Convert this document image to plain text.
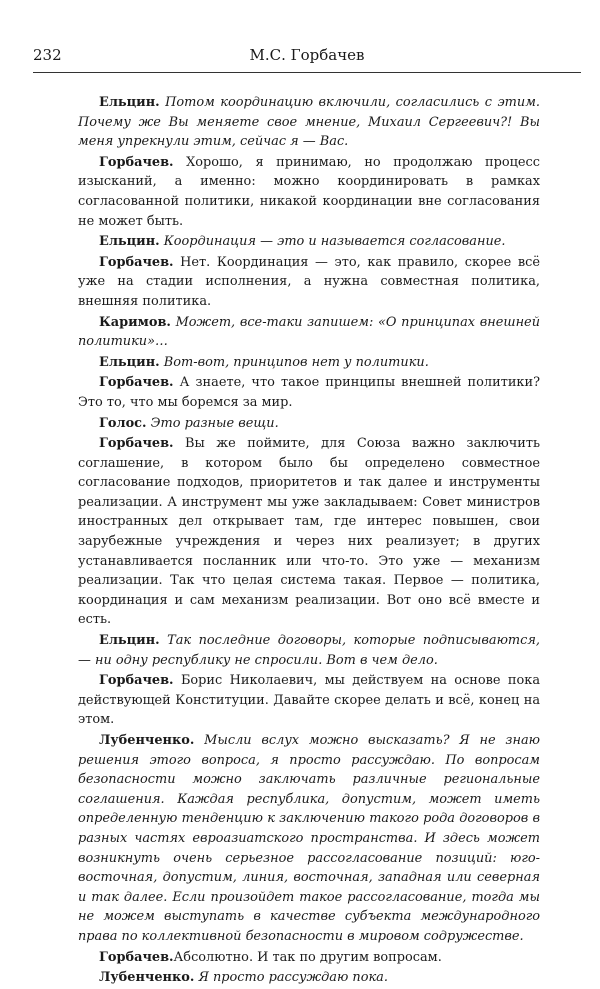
232	М.С. Горбачев

Ельцин. Потом координацию включили, согласились с этим. Почему же Вы меняете свое мнение, Михаил Сергеевич?! Вы меня упрекнули этим, сейчас я — Вас.

Горбачев. Хорошо, я принимаю, но продолжаю процесс изысканий, а именно: можно координировать в рамках согласованной политики, никакой координации вне согласования не может быть.

Ельцин. Координация — это и называется согласование.

Горбачев. Нет. Координация — это, как правило, скорее всё уже на стадии исполнения, а нужна совместная политика, внешняя политика.

Каримов. Может, все-таки запишем: «О принципах внешней политики»…

Ельцин. Вот-вот, принципов нет у политики.

Горбачев. А знаете, что такое принципы внешней политики? Это то, что мы боремся за мир.

Голос. Это разные вещи.

Горбачев. Вы же поймите, для Союза важно заключить соглашение, в котором было бы определено совместное согласование подходов, приоритетов и так далее и инструменты реализации. А инструмент мы уже закладываем: Совет министров иностранных дел открывает там, где интерес повышен, свои зарубежные учреждения и через них реализует; в других устанавливается посланник или что-то. Это уже — механизм реализации. Так что целая система такая. Первое — политика, координация и сам механизм реализации. Вот оно всё вместе и есть.

Ельцин. Так последние договоры, которые подписываются, — ни одну республику не спросили. Вот в чем дело.

Горбачев. Борис Николаевич, мы действуем на основе пока действующей Конституции. Давайте скорее делать и всё, конец на этом.

Лубенченко. Мысли вслух можно высказать? Я не знаю решения этого вопроса, я просто рассуждаю. По вопросам безопасности можно заключать различные региональные соглашения. Каждая республика, допустим, может иметь определенную тенденцию к заключению такого рода договоров в разных частях евроазиатского пространства. И здесь может возникнуть очень серьезное рассогласование позиций: юго-восточная, допустим, линия, восточная, западная или северная и так далее. Если произойдет такое рассогласование, тогда мы не можем выступать в качестве субъекта международного права по коллективной безопасности в мировом содружестве.

Горбачев.Абсолютно. И так по другим вопросам.

Лубенченко. Я просто рассуждаю пока.
